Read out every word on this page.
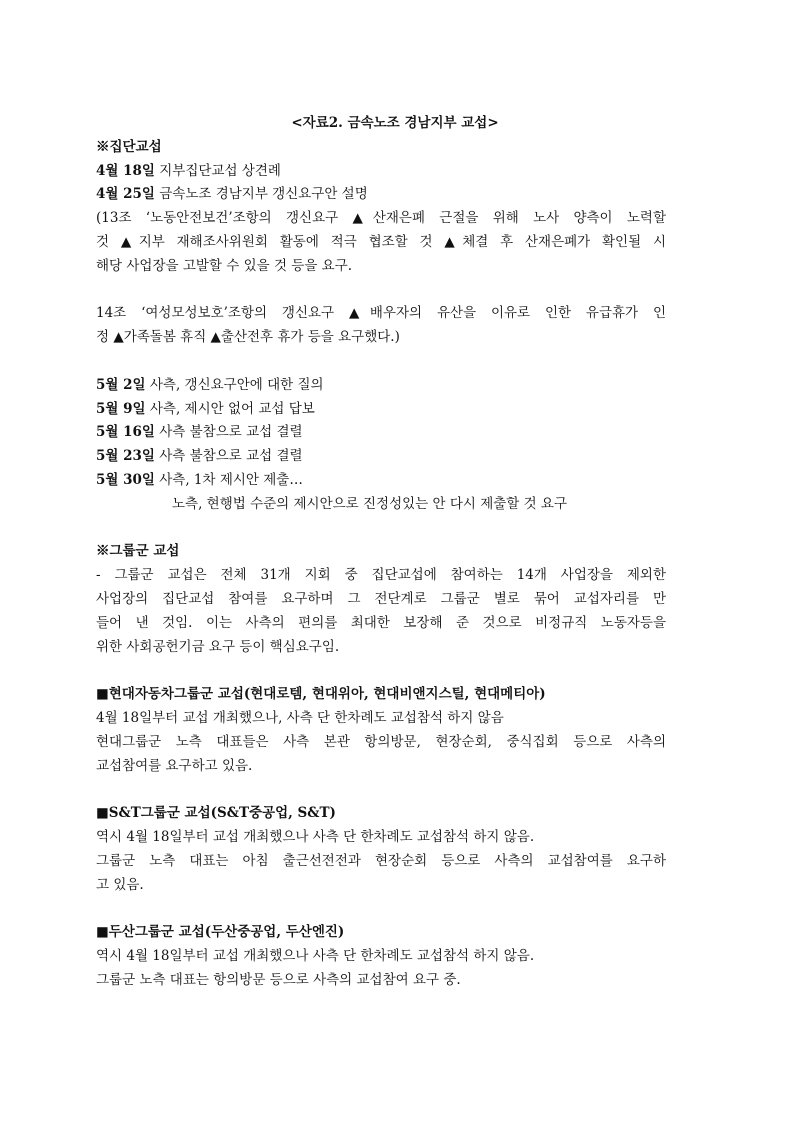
<자료2. 금속노조 경남지부 교섭>
※집단교섭
4월 18일 지부집단교섭 상견례
4월 25일 금속노조 경남지부 갱신요구안 설명
(13조 ‘노동안전보건’조항의 갱신요구 ▲산재은폐 근절을 위해 노사 양측이 노력할
것 ▲지부 재해조사위원회 활동에 적극 협조할 것 ▲체결 후 산재은폐가 확인될 시
해당 사업장을 고발할 수 있을 것 등을 요구.
14조 ‘여성모성보호’조항의 갱신요구 ▲배우자의 유산을 이유로 인한 유급휴가 인
정 ▲가족돌봄 휴직 ▲출산전후 휴가 등을 요구했다.)
5월 2일 사측, 갱신요구안에 대한 질의
5월 9일 사측, 제시안 없어 교섭 답보
5월 16일 사측 불참으로 교섭 결렬
5월 23일 사측 불참으로 교섭 결렬
5월 30일 사측, 1차 제시안 제출…
노측, 현행법 수준의 제시안으로 진정성있는 안 다시 제출할 것 요구
※그룹군 교섭
- 그룹군 교섭은 전체 31개 지회 중 집단교섭에 참여하는 14개 사업장을 제외한
사업장의 집단교섭 참여를 요구하며 그 전단계로 그룹군 별로 묶어 교섭자리를 만
들어 낸 것임. 이는 사측의 편의를 최대한 보장해 준 것으로 비정규직 노동자등을
위한 사회공헌기금 요구 등이 핵심요구임.
■현대자동차그룹군 교섭(현대로템, 현대위아, 현대비앤지스틸, 현대메티아)
4월 18일부터 교섭 개최했으나, 사측 단 한차례도 교섭참석 하지 않음
현대그룹군 노측 대표들은 사측 본관 항의방문, 현장순회, 중식집회 등으로 사측의
교섭참여를 요구하고 있음.
■S&T그룹군 교섭(S&T중공업, S&T)
역시 4월 18일부터 교섭 개최했으나 사측 단 한차례도 교섭참석 하지 않음.
그룹군 노측 대표는 아침 출근선전전과 현장순회 등으로 사측의 교섭참여를 요구하
고 있음.
■두산그룹군 교섭(두산중공업, 두산엔진)
역시 4월 18일부터 교섭 개최했으나 사측 단 한차례도 교섭참석 하지 않음.
그룹군 노측 대표는 항의방문 등으로 사측의 교섭참여 요구 중.
